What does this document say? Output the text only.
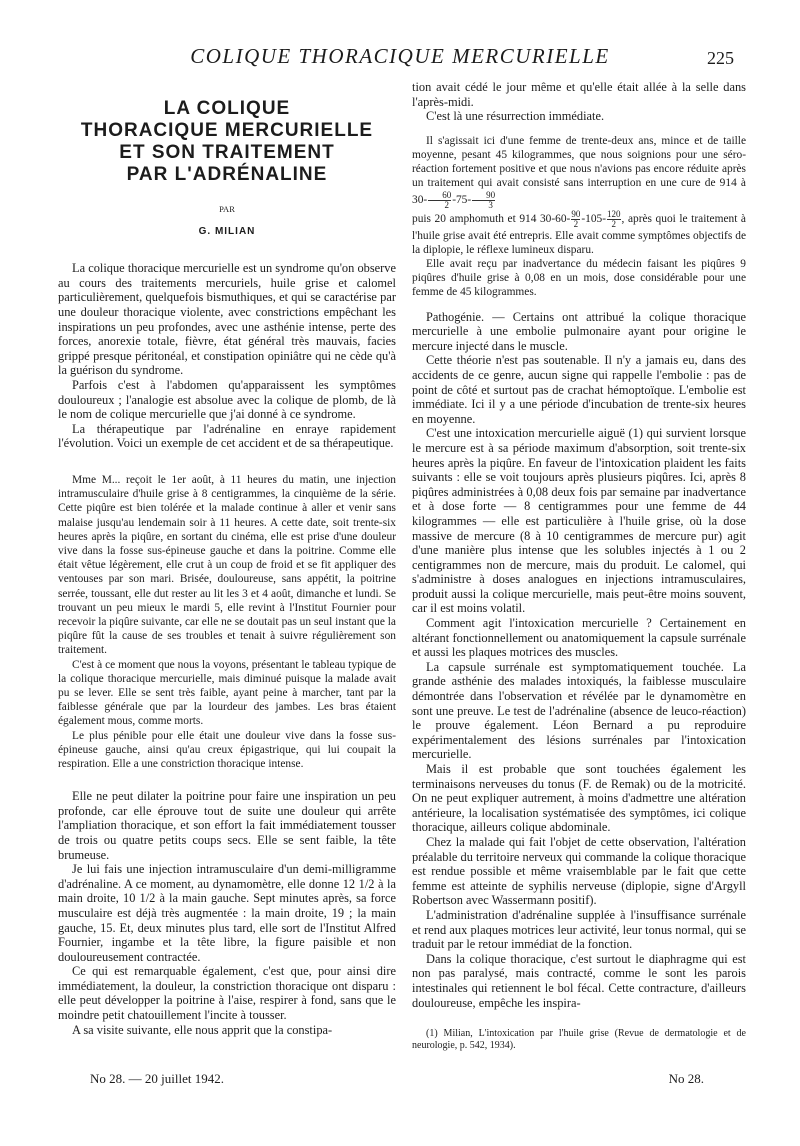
COLIQUE THORACIQUE MERCURIELLE	225
LA COLIQUE
THORACIQUE MERCURIELLE
ET SON TRAITEMENT
PAR L'ADRÉNALINE
PAR
G. MILIAN

La colique thoracique mercurielle est un syndrome qu'on observe au cours des traitements mercuriels, huile grise et calomel particulièrement, quelquefois bismuthiques, et qui se caractérise par une douleur thoracique violente, avec constrictions empêchant les inspirations un peu profondes, avec une asthénie intense, perte des forces, anorexie totale, fièvre, état général très mauvais, facies grippé presque péritonéal, et constipation opiniâtre qui ne cède qu'à la guérison du syndrome.

Parfois c'est à l'abdomen qu'apparaissent les symptômes douloureux ; l'analogie est absolue avec la colique de plomb, de là le nom de colique mercurielle que j'ai donné à ce syndrome.

La thérapeutique par l'adrénaline en enraye rapidement l'évolution. Voici un exemple de cet accident et de sa thérapeutique.

Mme M... reçoit le 1er août, à 11 heures du matin, une injection intramusculaire d'huile grise à 8 centigrammes, la cinquième de la série. Cette piqûre est bien tolérée et la malade continue à aller et venir sans malaise jusqu'au lendemain soir à 11 heures. A cette date, soit trente-six heures après la piqûre, en sortant du cinéma, elle est prise d'une douleur vive dans la fosse sus-épineuse gauche et dans la poitrine. Comme elle était vêtue légèrement, elle crut à un coup de froid et se fit appliquer des ventouses par son mari. Brisée, douloureuse, sans appétit, la poitrine serrée, toussant, elle dut rester au lit les 3 et 4 août, dimanche et lundi. Se trouvant un peu mieux le mardi 5, elle revint à l'Institut Fournier pour recevoir la piqûre suivante, car elle ne se doutait pas un seul instant que la piqûre fût la cause de ses troubles et tenait à suivre régulièrement son traitement.

C'est à ce moment que nous la voyons, présentant le tableau typique de la colique thoracique mercurielle, mais diminué puisque la malade avait pu se lever. Elle se sent très faible, ayant peine à marcher, tant par la faiblesse générale que par la lourdeur des jambes. Les bras étaient également mous, comme morts.

Le plus pénible pour elle était une douleur vive dans la fosse sus-épineuse gauche, ainsi qu'au creux épigastrique, qui lui coupait la respiration. Elle a une constriction thoracique intense.

Elle ne peut dilater la poitrine pour faire une inspiration un peu profonde, car elle éprouve tout de suite une douleur qui arrête l'ampliation thoracique, et son effort la fait immédiatement tousser de trois ou quatre petits coups secs. Elle se sent faible, la tête brumeuse.

Je lui fais une injection intramusculaire d'un demi-milligramme d'adrénaline. A ce moment, au dynamomètre, elle donne 12 1/2 à la main droite, 10 1/2 à la main gauche. Sept minutes après, sa force musculaire est déjà très augmentée : la main droite, 19 ; la main gauche, 15. Et, deux minutes plus tard, elle sort de l'Institut Alfred Fournier, ingambe et la tête libre, la figure paisible et non douloureusement contractée.

Ce qui est remarquable également, c'est que, pour ainsi dire immédiatement, la douleur, la constriction thoracique ont disparu : elle peut développer la poitrine à l'aise, respirer à fond, sans que le moindre petit chatouillement l'incite à tousser.

A sa visite suivante, elle nous apprit que la constipa-

tion avait cédé le jour même et qu'elle était allée à la selle dans l'après-midi.

C'est là une résurrection immédiate.

Il s'agissait ici d'une femme de trente-deux ans, mince et de taille moyenne, pesant 45 kilogrammes, que nous soignions pour une séro-réaction fortement positive et que nous n'avions pas encore réduite après un traitement qui avait consisté sans interruption en une cure de 914 à $30- \frac{60}{2} -75- \frac{90}{3}$

puis 20 amphomuth et 914 $30-60- \frac{90}{2} -105- \frac{120}{2}$ , après quoi le traitement à l'huile grise avait été entrepris. Elle avait comme symptômes objectifs de la diplopie, le réflexe lumineux disparu.

Elle avait reçu par inadvertance du médecin faisant les piqûres 9 piqûres d'huile grise à 0,08 en un mois, dose considérable pour une femme de 45 kilogrammes.

Pathogénie. — Certains ont attribué la colique thoracique mercurielle à une embolie pulmonaire ayant pour origine le mercure injecté dans le muscle.

Cette théorie n'est pas soutenable. Il n'y a jamais eu, dans des accidents de ce genre, aucun signe qui rappelle l'embolie : pas de point de côté et surtout pas de crachat hémoptoïque. L'embolie est immédiate. Ici il y a une période d'incubation de trente-six heures en moyenne.

C'est une intoxication mercurielle aiguë (1) qui survient lorsque le mercure est à sa période maximum d'absorption, soit trente-six heures après la piqûre. En faveur de l'intoxication plaident les faits suivants : elle se voit toujours après plusieurs piqûres. Ici, après 8 piqûres administrées à 0,08 deux fois par semaine par inadvertance et à dose forte — 8 centigrammes pour une femme de 44 kilogrammes — elle est particulière à l'huile grise, où la dose massive de mercure (8 à 10 centigrammes de mercure pur) agit d'une manière plus intense que les solubles injectés à 1 ou 2 centigrammes non de mercure, mais du produit. Le calomel, qui s'administre à doses analogues en injections intramusculaires, produit aussi la colique mercurielle, mais peut-être moins souvent, car il est moins volatil.

Comment agit l'intoxication mercurielle ? Certainement en altérant fonctionnellement ou anatomiquement la capsule surrénale et aussi les plaques motrices des muscles.

La capsule surrénale est symptomatiquement touchée. La grande asthénie des malades intoxiqués, la faiblesse musculaire démontrée dans l'observation et révélée par le dynamomètre en sont une preuve. Le test de l'adrénaline (absence de leuco-réaction) le prouve également. Léon Bernard a pu reproduire expérimentalement des lésions surrénales par l'intoxication mercurielle.

Mais il est probable que sont touchées également les terminaisons nerveuses du tonus (F. de Remak) ou de la motricité. On ne peut expliquer autrement, à moins d'admettre une altération antérieure, la localisation systématisée des symptômes, ici colique thoracique, ailleurs colique abdominale.

Chez la malade qui fait l'objet de cette observation, l'altération préalable du territoire nerveux qui commande la colique thoracique est rendue possible et même vraisemblable par le fait que cette femme est atteinte de syphilis nerveuse (diplopie, signe d'Argyll Robertson avec Wassermann positif).

L'administration d'adrénaline supplée à l'insuffisance surrénale et rend aux plaques motrices leur activité, leur tonus normal, qui se traduit par le retour immédiat de la fonction.

Dans la colique thoracique, c'est surtout le diaphragme qui est non pas paralysé, mais contracté, comme le sont les parois intestinales qui retiennent le bol fécal. Cette contracture, d'ailleurs douloureuse, empêche les inspira-

(1) Milian, L'intoxication par l'huile grise (Revue de dermatologie et de neurologie, p. 542, 1934).
No 28. — 20 juillet 1942.	No 28.
